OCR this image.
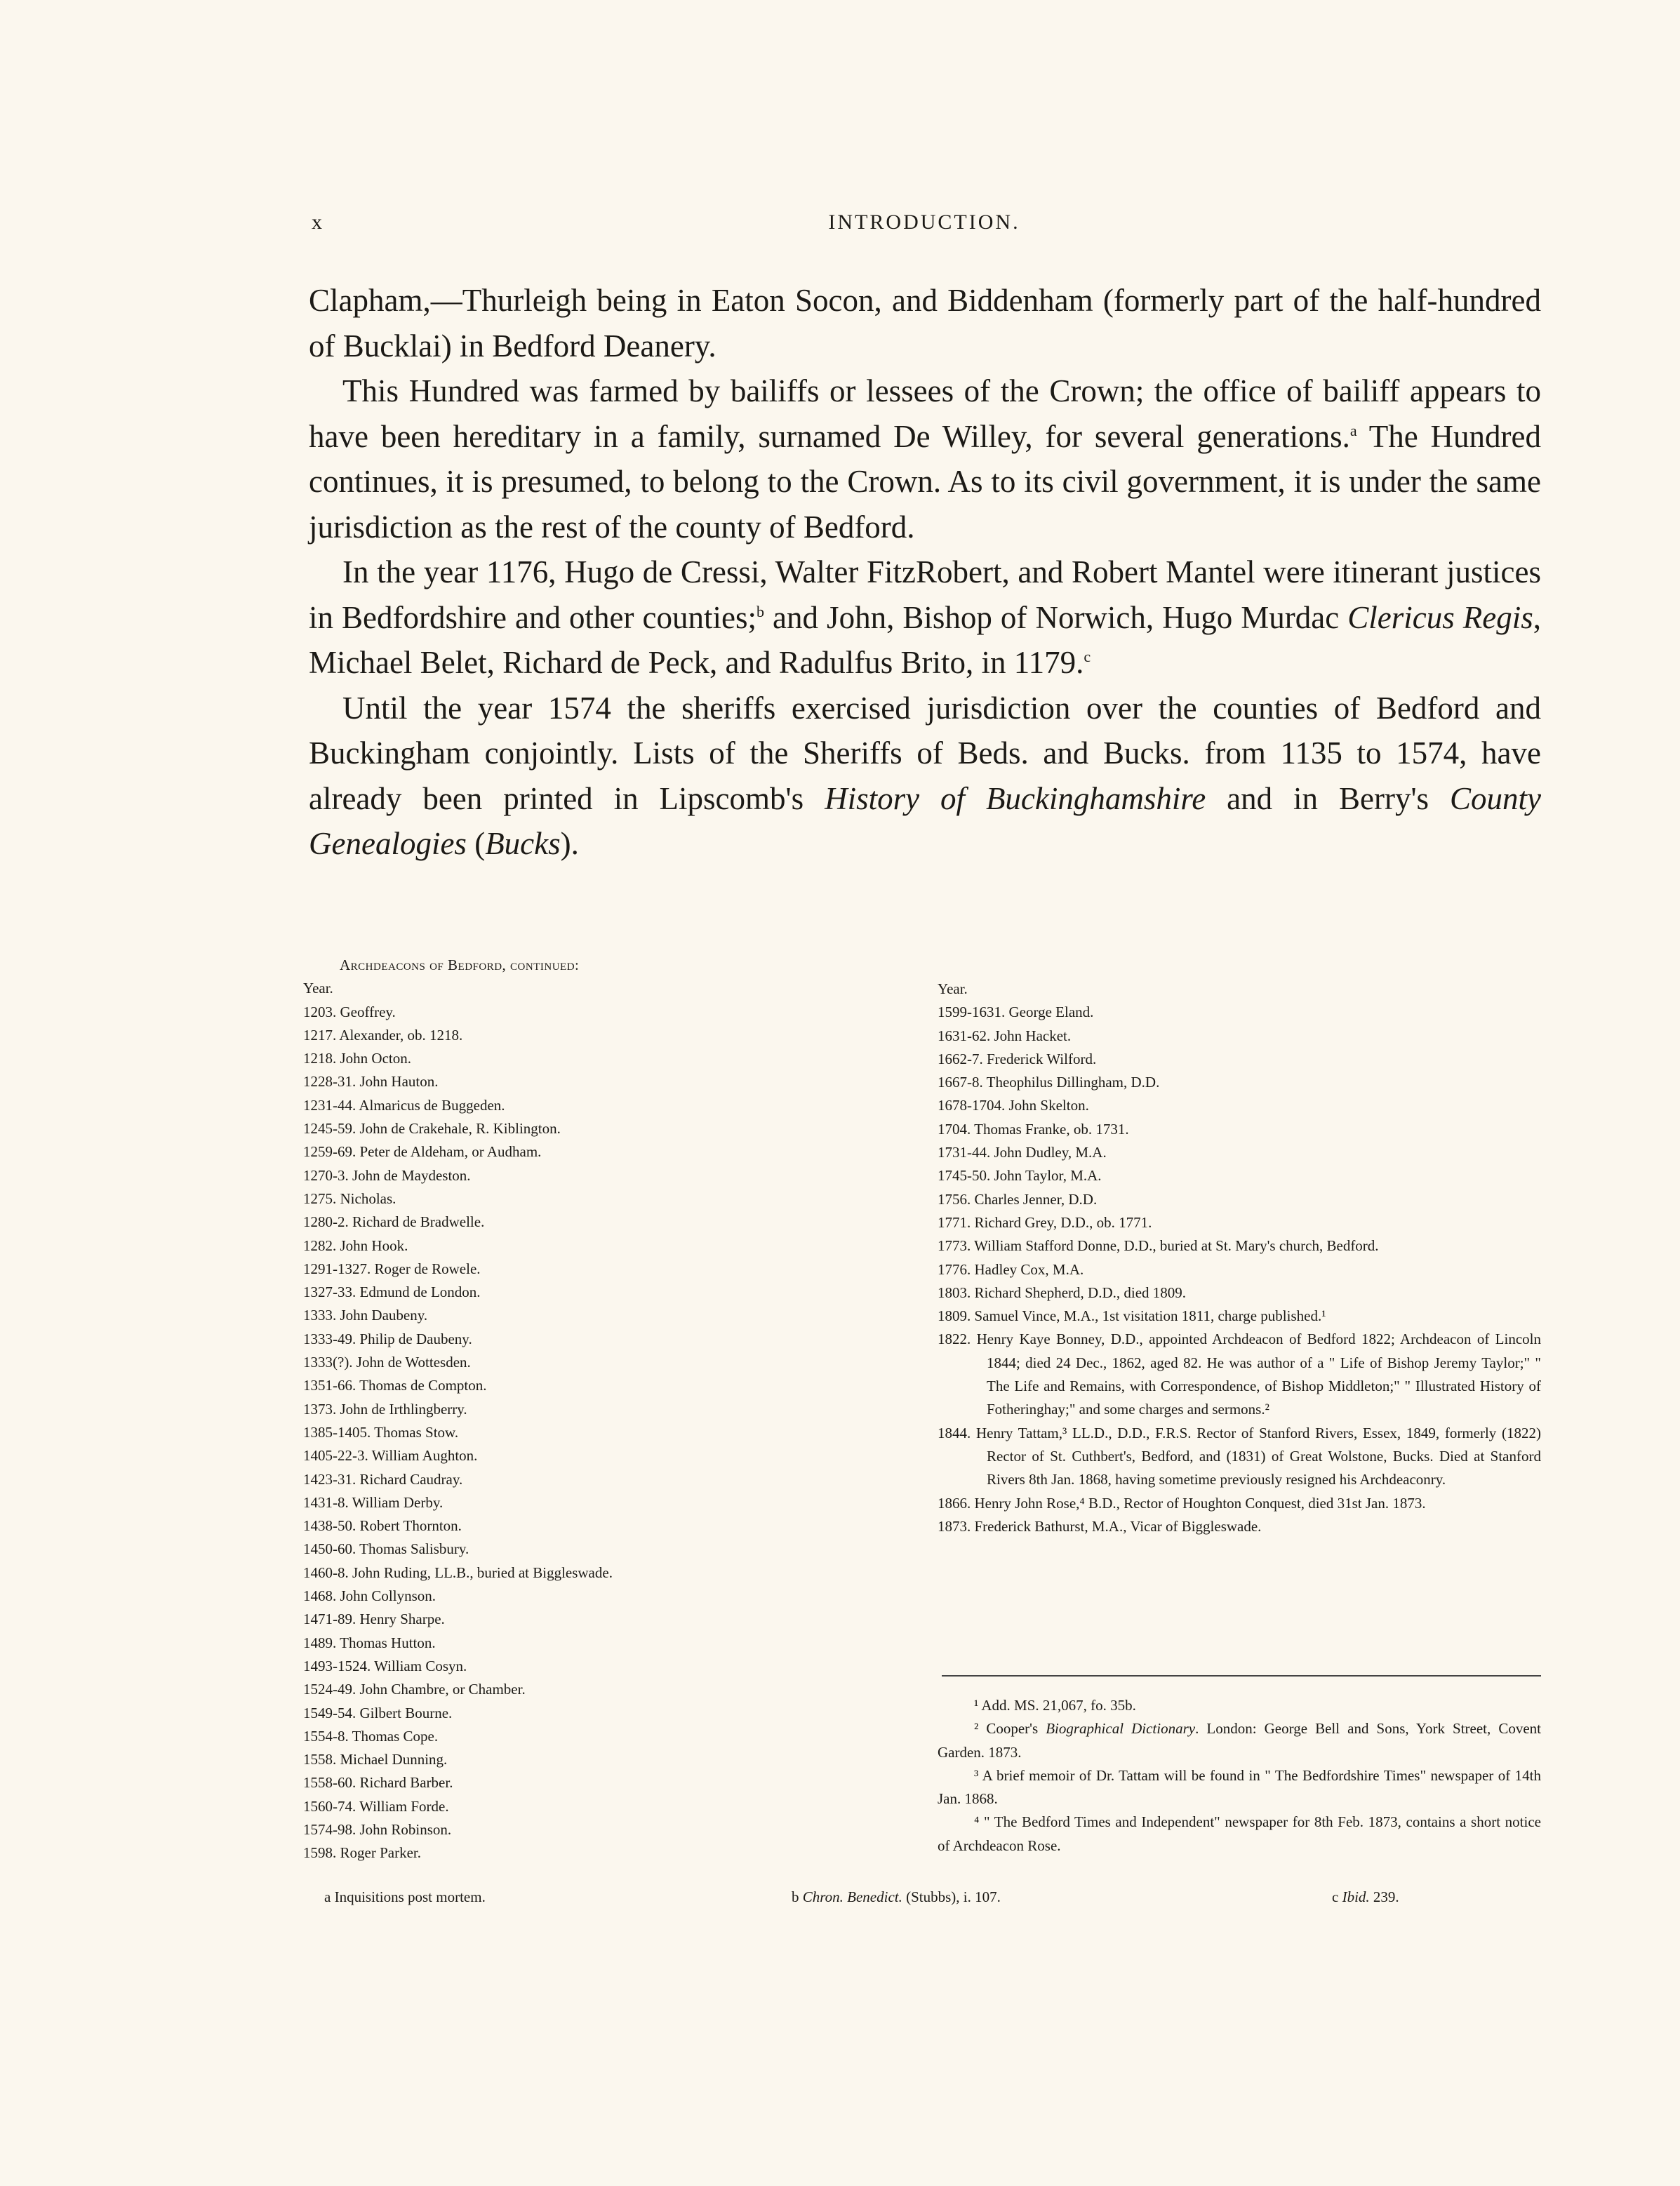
x	INTRODUCTION.

Clapham,—Thurleigh being in Eaton Socon, and Biddenham (formerly part of the half-hundred of Bucklai) in Bedford Deanery.

This Hundred was farmed by bailiffs or lessees of the Crown; the office of bailiff appears to have been hereditary in a family, surnamed De Willey, for several generations.$^a$ The Hundred continues, it is presumed, to belong to the Crown. As to its civil government, it is under the same jurisdiction as the rest of the county of Bedford.

In the year 1176, Hugo de Cressi, Walter FitzRobert, and Robert Mantel were itinerant justices in Bedfordshire and other counties;$^b$ and John, Bishop of Norwich, Hugo Murdac Clericus Regis, Michael Belet, Richard de Peck, and Radulfus Brito, in 1179.$^c$

Until the year 1574 the sheriffs exercised jurisdiction over the counties of Bedford and Buckingham conjointly. Lists of the Sheriffs of Beds. and Bucks. from 1135 to 1574, have already been printed in Lipscomb's History of Buckinghamshire and in Berry's County Genealogies (Bucks).

Archdeacons of Bedford, continued:
Year.
1203. Geoffrey.
1217. Alexander, ob. 1218.
1218. John Octon.
1228-31. John Hauton.
1231-44. Almaricus de Buggeden.
1245-59. John de Crakehale, R. Kiblington.
1259-69. Peter de Aldeham, or Audham.
1270-3. John de Maydeston.
1275. Nicholas.
1280-2. Richard de Bradwelle.
1282. John Hook.
1291-1327. Roger de Rowele.
1327-33. Edmund de London.
1333. John Daubeny.
1333-49. Philip de Daubeny.
1333(?). John de Wottesden.
1351-66. Thomas de Compton.
1373. John de Irthlingberry.
1385-1405. Thomas Stow.
1405-22-3. William Aughton.
1423-31. Richard Caudray.
1431-8. William Derby.
1438-50. Robert Thornton.
1450-60. Thomas Salisbury.
1460-8. John Ruding, LL.B., buried at Biggleswade.
1468. John Collynson.
1471-89. Henry Sharpe.
1489. Thomas Hutton.
1493-1524. William Cosyn.
1524-49. John Chambre, or Chamber.
1549-54. Gilbert Bourne.
1554-8. Thomas Cope.
1558. Michael Dunning.
1558-60. Richard Barber.
1560-74. William Forde.
1574-98. John Robinson.
1598. Roger Parker.
Year.
1599-1631. George Eland.
1631-62. John Hacket.
1662-7. Frederick Wilford.
1667-8. Theophilus Dillingham, D.D.
1678-1704. John Skelton.
1704. Thomas Franke, ob. 1731.
1731-44. John Dudley, M.A.
1745-50. John Taylor, M.A.
1756. Charles Jenner, D.D.
1771. Richard Grey, D.D., ob. 1771.
1773. William Stafford Donne, D.D., buried at St. Mary's church, Bedford.
1776. Hadley Cox, M.A.
1803. Richard Shepherd, D.D., died 1809.
1809. Samuel Vince, M.A., 1st visitation 1811, charge published.¹
1822. Henry Kaye Bonney, D.D., appointed Archdeacon of Bedford 1822; Archdeacon of Lincoln 1844; died 24 Dec., 1862, aged 82. He was author of a " Life of Bishop Jeremy Taylor;" " The Life and Remains, with Correspondence, of Bishop Middleton;" " Illustrated History of Fotheringhay;" and some charges and sermons.²
1844. Henry Tattam,³ LL.D., D.D., F.R.S. Rector of Stanford Rivers, Essex, 1849, formerly (1822) Rector of St. Cuthbert's, Bedford, and (1831) of Great Wolstone, Bucks. Died at Stanford Rivers 8th Jan. 1868, having sometime previously resigned his Archdeaconry.
1866. Henry John Rose,⁴ B.D., Rector of Houghton Conquest, died 31st Jan. 1873.
1873. Frederick Bathurst, M.A., Vicar of Biggleswade.
¹ Add. MS. 21,067, fo. 35b.
² Cooper's Biographical Dictionary. London: George Bell and Sons, York Street, Covent Garden. 1873.
³ A brief memoir of Dr. Tattam will be found in " The Bedfordshire Times" newspaper of 14th Jan. 1868.
⁴ " The Bedford Times and Independent" newspaper for 8th Feb. 1873, contains a short notice of Archdeacon Rose.
a Inquisitions post mortem.	b Chron. Benedict. (Stubbs), i. 107.	c Ibid. 239.
